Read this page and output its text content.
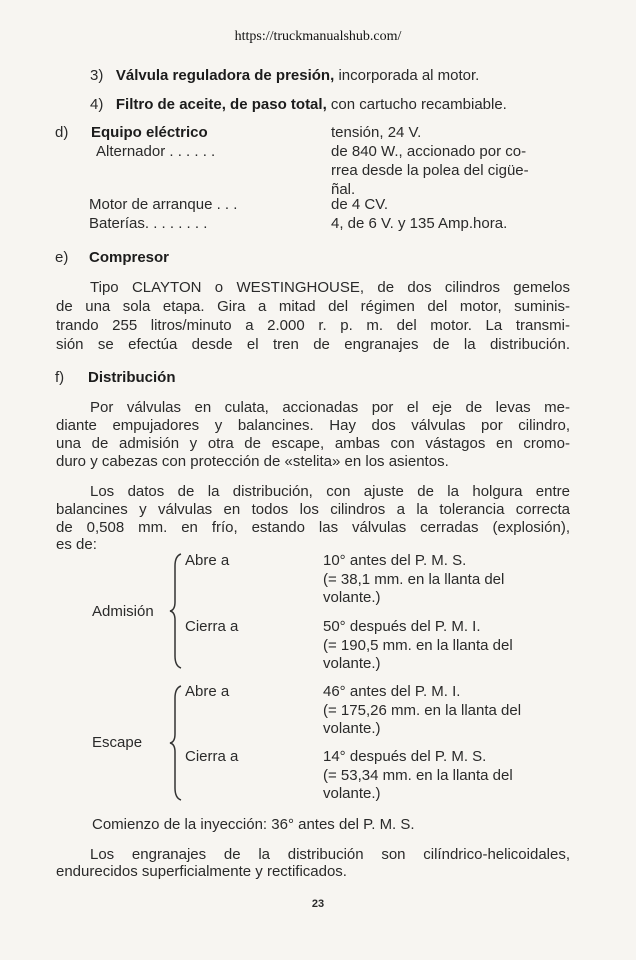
https://truckmanualshub.com/
3) Válvula reguladora de presión, incorporada al motor.
4) Filtro de aceite, de paso total, con cartucho recambiable.
d) Equipo eléctrico	tensión, 24 V.
Alternador . . . . . .	de 840 W., accionado por co-
rrea desde la polea del cigüe-
ñal.
Motor de arranque . . .	de 4 CV.
Baterías. . . . . . . .	4, de 6 V. y 135 Amp.hora.
e) Compresor
Tipo CLAYTON o WESTINGHOUSE, de dos cilindros gemelos
de una sola etapa. Gira a mitad del régimen del motor, suminis-
trando 255 litros/minuto a 2.000 r. p. m. del motor. La transmi-
sión se efectúa desde el tren de engranajes de la distribución.
f) Distribución
Por válvulas en culata, accionadas por el eje de levas me-
diante empujadores y balancines. Hay dos válvulas por cilindro,
una de admisión y otra de escape, ambas con vástagos en cromo-
duro y cabezas con protección de «stelita» en los asientos.
Los datos de la distribución, con ajuste de la holgura entre
balancines y válvulas en todos los cilindros a la tolerancia correcta
de 0,508 mm. en frío, estando las válvulas cerradas (explosión),
es de:
Admisión
Abre a	10° antes del P. M. S.
(= 38,1 mm. en la llanta del
volante.)
Cierra a	50° después del P. M. I.
(= 190,5 mm. en la llanta del
volante.)
Escape
Abre a	46° antes del P. M. I.
(= 175,26 mm. en la llanta del
volante.)
Cierra a	14° después del P. M. S.
(= 53,34 mm. en la llanta del
volante.)
Comienzo de la inyección: 36° antes del P. M. S.
Los engranajes de la distribución son cilíndrico-helicoidales,
endurecidos superficialmente y rectificados.
23
